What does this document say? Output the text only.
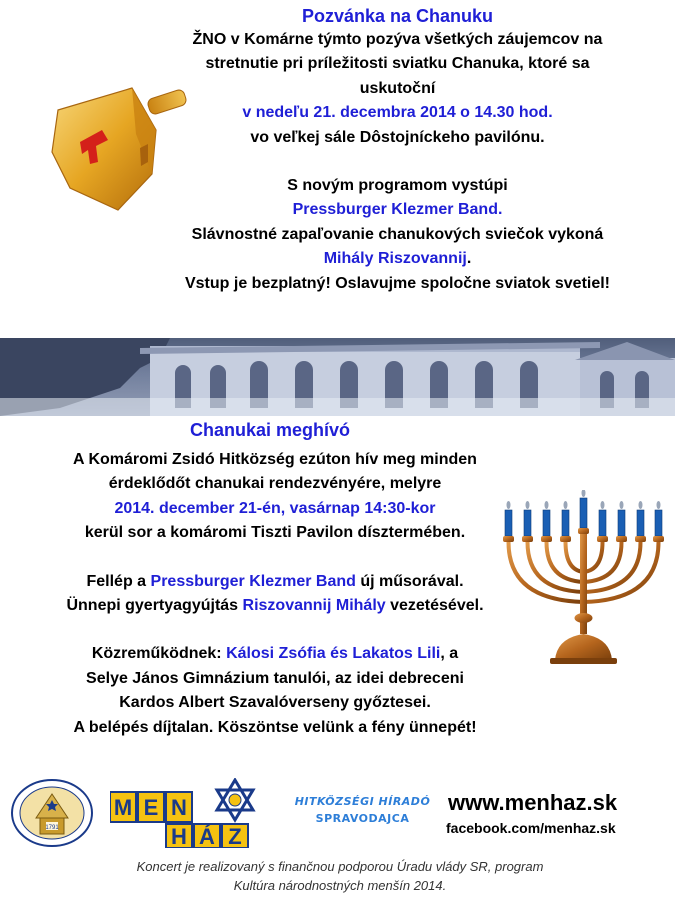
Pozvánka na Chanuku
ŽNO v Komárne týmto pozýva všetkých záujemcov na
stretnutie pri príležitosti sviatku Chanuka, ktoré sa
uskutoční
v nedeľu 21. decembra 2014 o 14.30 hod.
vo veľkej sále Dôstojníckeho pavilónu.
S novým programom vystúpi
Pressburger Klezmer Band.
Slávnostné zapaľovanie chanukových sviečok vykoná
Mihály Riszovannij.
Vstup je bezplatný! Oslavujme spoločne sviatok svetiel!
Chanukai meghívó
A Komáromi Zsidó Hitközség ezúton hív meg minden
érdeklődőt chanukai rendezvényére, melyre
2014. december 21-én, vasárnap 14:30-kor
kerül sor a komáromi Tiszti Pavilon dísztermében.
Fellép a Pressburger Klezmer Band új műsorával.
Ünnepi gyertyagyújtás Riszovannij Mihály vezetésével.
Közreműködnek: Kálosi Zsófia és Lakatos Lili, a
Selye János Gimnázium tanulói, az idei debreceni
Kardos Albert Szavalóverseny győztesei.
A belépés díjtalan. Köszöntse velünk a fény ünnepét!
1791
M E N
H Á Z
HITKÖZSÉGI HÍRADÓ
SPRAVODAJCA
www.menhaz.sk
facebook.com/menhaz.sk
Koncert je realizovaný s finančnou podporou Úradu vlády SR, program
Kultúra národnostných menšín 2014.
